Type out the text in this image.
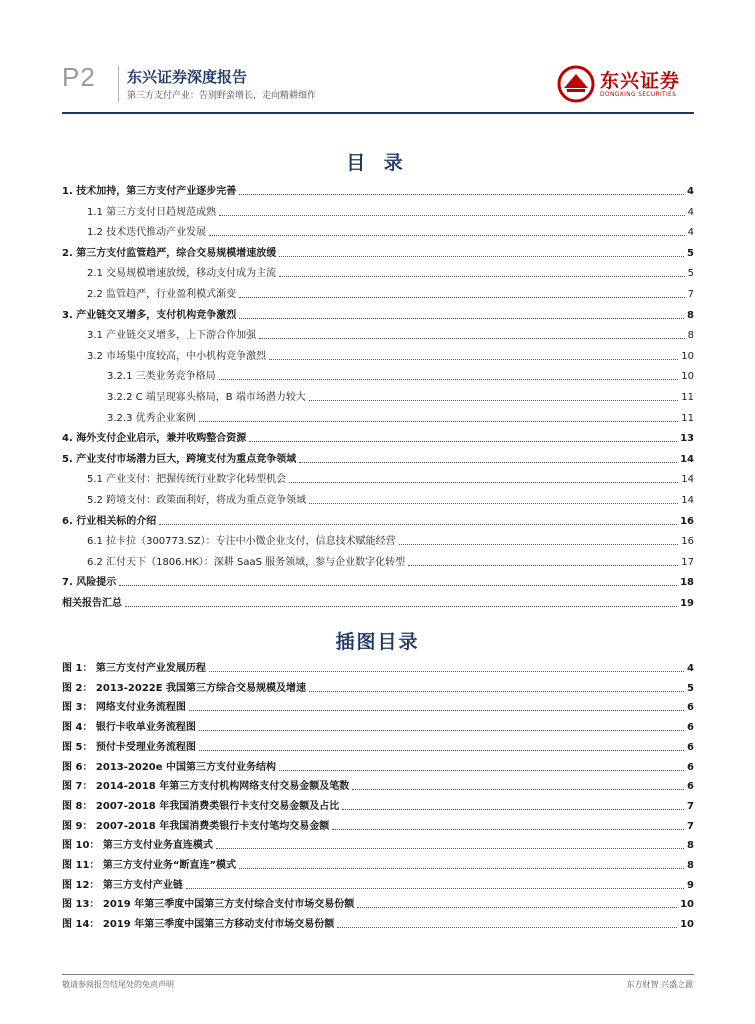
P2 东兴证券深度报告
第三方支付产业：告别野蛮增长，走向精耕细作
东兴证券
DONGXING SECURITIES
目 录
1. 技术加持，第三方支付产业逐步完善	4
1.1 第三方支付日趋规范成熟	4
1.2 技术迭代推动产业发展	4
2. 第三方支付监管趋严，综合交易规模增速放缓	5
2.1 交易规模增速放缓，移动支付成为主流	5
2.2 监管趋严，行业盈利模式渐变	7
3. 产业链交叉增多，支付机构竞争激烈	8
3.1 产业链交叉增多，上下游合作加强	8
3.2 市场集中度较高，中小机构竞争激烈	10
3.2.1 三类业务竞争格局	10
3.2.2 C 端呈现寡头格局，B 端市场潜力较大	11
3.2.3 优秀企业案例	11
4. 海外支付企业启示，兼并收购整合资源	13
5. 产业支付市场潜力巨大，跨境支付为重点竞争领域	14
5.1 产业支付：把握传统行业数字化转型机会	14
5.2 跨境支付：政策面利好，将成为重点竞争领域	14
6. 行业相关标的介绍	16
6.1 拉卡拉（300773.SZ）：专注中小微企业支付，信息技术赋能经营	16
6.2 汇付天下（1806.HK）：深耕 SaaS 服务领域，参与企业数字化转型	17
7. 风险提示	18
相关报告汇总	19
插图目录
图 1： 第三方支付产业发展历程	4
图 2： 2013-2022E 我国第三方综合交易规模及增速	5
图 3： 网络支付业务流程图	6
图 4： 银行卡收单业务流程图	6
图 5： 预付卡受理业务流程图	6
图 6： 2013-2020e 中国第三方支付业务结构	6
图 7： 2014-2018 年第三方支付机构网络支付交易金额及笔数	6
图 8： 2007-2018 年我国消费类银行卡支付交易金额及占比	7
图 9： 2007-2018 年我国消费类银行卡支付笔均交易金额	7
图 10： 第三方支付业务直连模式	8
图 11： 第三方支付业务“断直连”模式	8
图 12： 第三方支付产业链	9
图 13： 2019 年第三季度中国第三方支付综合支付市场交易份额	10
图 14： 2019 年第三季度中国第三方移动支付市场交易份额	10
敬请参阅报告结尾处的免责声明	东方财智 兴盛之源
